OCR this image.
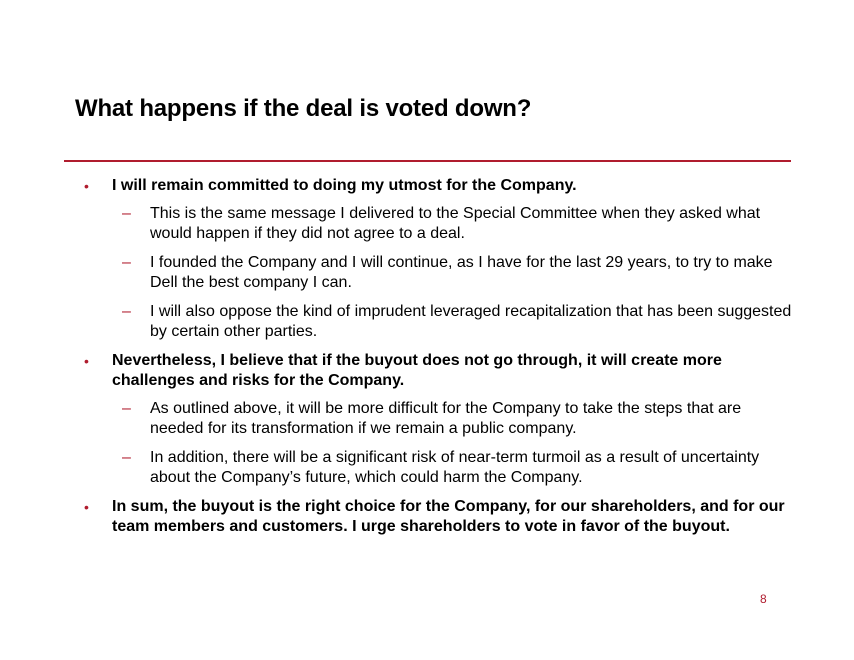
What happens if the deal is voted down?
• I will remain committed to doing my utmost for the Company.
– This is the same message I delivered to the Special Committee when they asked what would happen if they did not agree to a deal.
– I founded the Company and I will continue, as I have for the last 29 years, to try to make Dell the best company I can.
– I will also oppose the kind of imprudent leveraged recapitalization that has been suggested by certain other parties.
• Nevertheless, I believe that if the buyout does not go through, it will create more challenges and risks for the Company.
– As outlined above, it will be more difficult for the Company to take the steps that are needed for its transformation if we remain a public company.
– In addition, there will be a significant risk of near-term turmoil as a result of uncertainty about the Company’s future, which could harm the Company.
• In sum, the buyout is the right choice for the Company, for our shareholders, and for our team members and customers. I urge shareholders to vote in favor of the buyout.
8
